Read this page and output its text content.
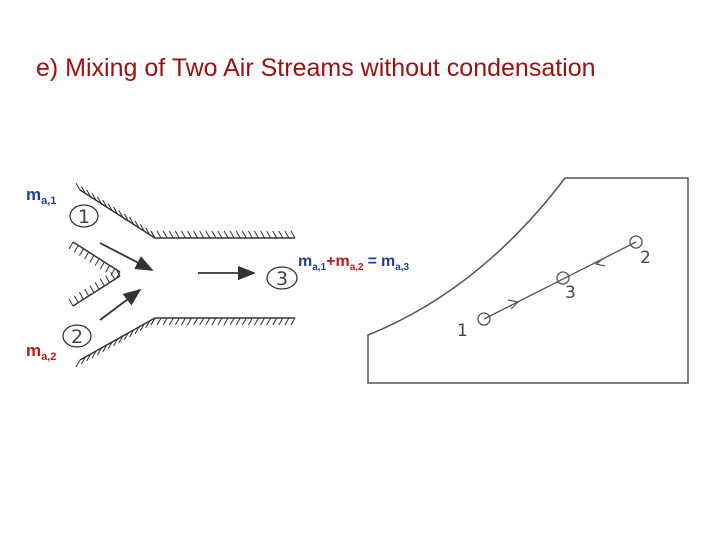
e) Mixing of Two Air Streams without condensation
1
2
3
$m_{a,1}$
$m_{a,2}$
$m_{a,1}+m_{a,2} = m_{a,3}$
1
2
3
